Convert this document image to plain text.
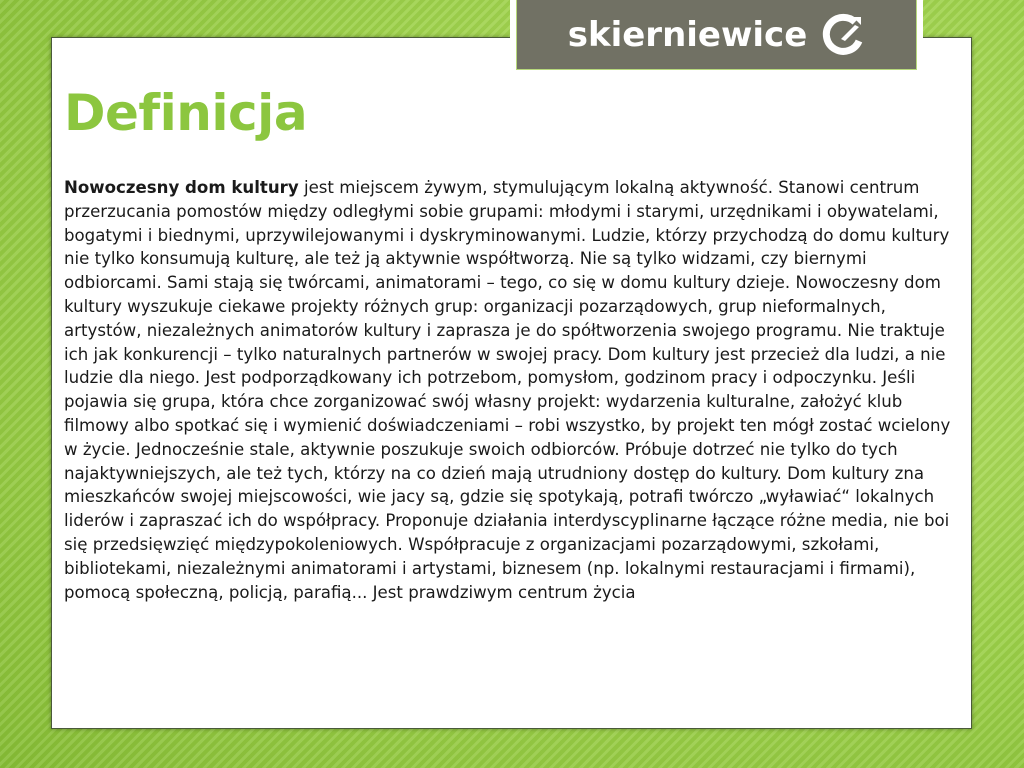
skierniewice
Definicja

Nowoczesny dom kultury jest miejscem żywym, stymulującym lokalną aktywność. Stanowi centrum przerzucania pomostów między odległymi sobie grupami: młodymi i starymi, urzędnikami i obywatelami, bogatymi i biednymi, uprzywilejowanymi i dyskryminowanymi. Ludzie, którzy przychodzą do domu kultury nie tylko konsumują kulturę, ale też ją aktywnie współtworzą. Nie są tylko widzami, czy biernymi odbiorcami. Sami stają się twórcami, animatorami – tego, co się w domu kultury dzieje. Nowoczesny dom kultury wyszukuje ciekawe projekty różnych grup: organizacji pozarządowych, grup nieformalnych, artystów, niezależnych animatorów kultury i zaprasza je do spółtworzenia swojego programu. Nie traktuje ich jak konkurencji – tylko naturalnych partnerów w swojej pracy. Dom kultury jest przecież dla ludzi, a nie ludzie dla niego. Jest podporządkowany ich potrzebom, pomysłom, godzinom pracy i odpoczynku. Jeśli pojawia się grupa, która chce zorganizować swój własny projekt: wydarzenia kulturalne, założyć klub filmowy albo spotkać się i wymienić doświadczeniami – robi wszystko, by projekt ten mógł zostać wcielony w życie. Jednocześnie stale, aktywnie poszukuje swoich odbiorców. Próbuje dotrzeć nie tylko do tych najaktywniejszych, ale też tych, którzy na co dzień mają utrudniony dostęp do kultury. Dom kultury zna mieszkańców swojej miejscowości, wie jacy są, gdzie się spotykają, potrafi twórczo „wyławiać“ lokalnych liderów i zapraszać ich do współpracy. Proponuje działania interdyscyplinarne łączące różne media, nie boi się przedsięwzięć międzypokoleniowych. Współpracuje z organizacjami pozarządowymi, szkołami, bibliotekami, niezależnymi animatorami i artystami, biznesem (np. lokalnymi restauracjami i firmami), pomocą społeczną, policją, parafią... Jest prawdziwym centrum życia
